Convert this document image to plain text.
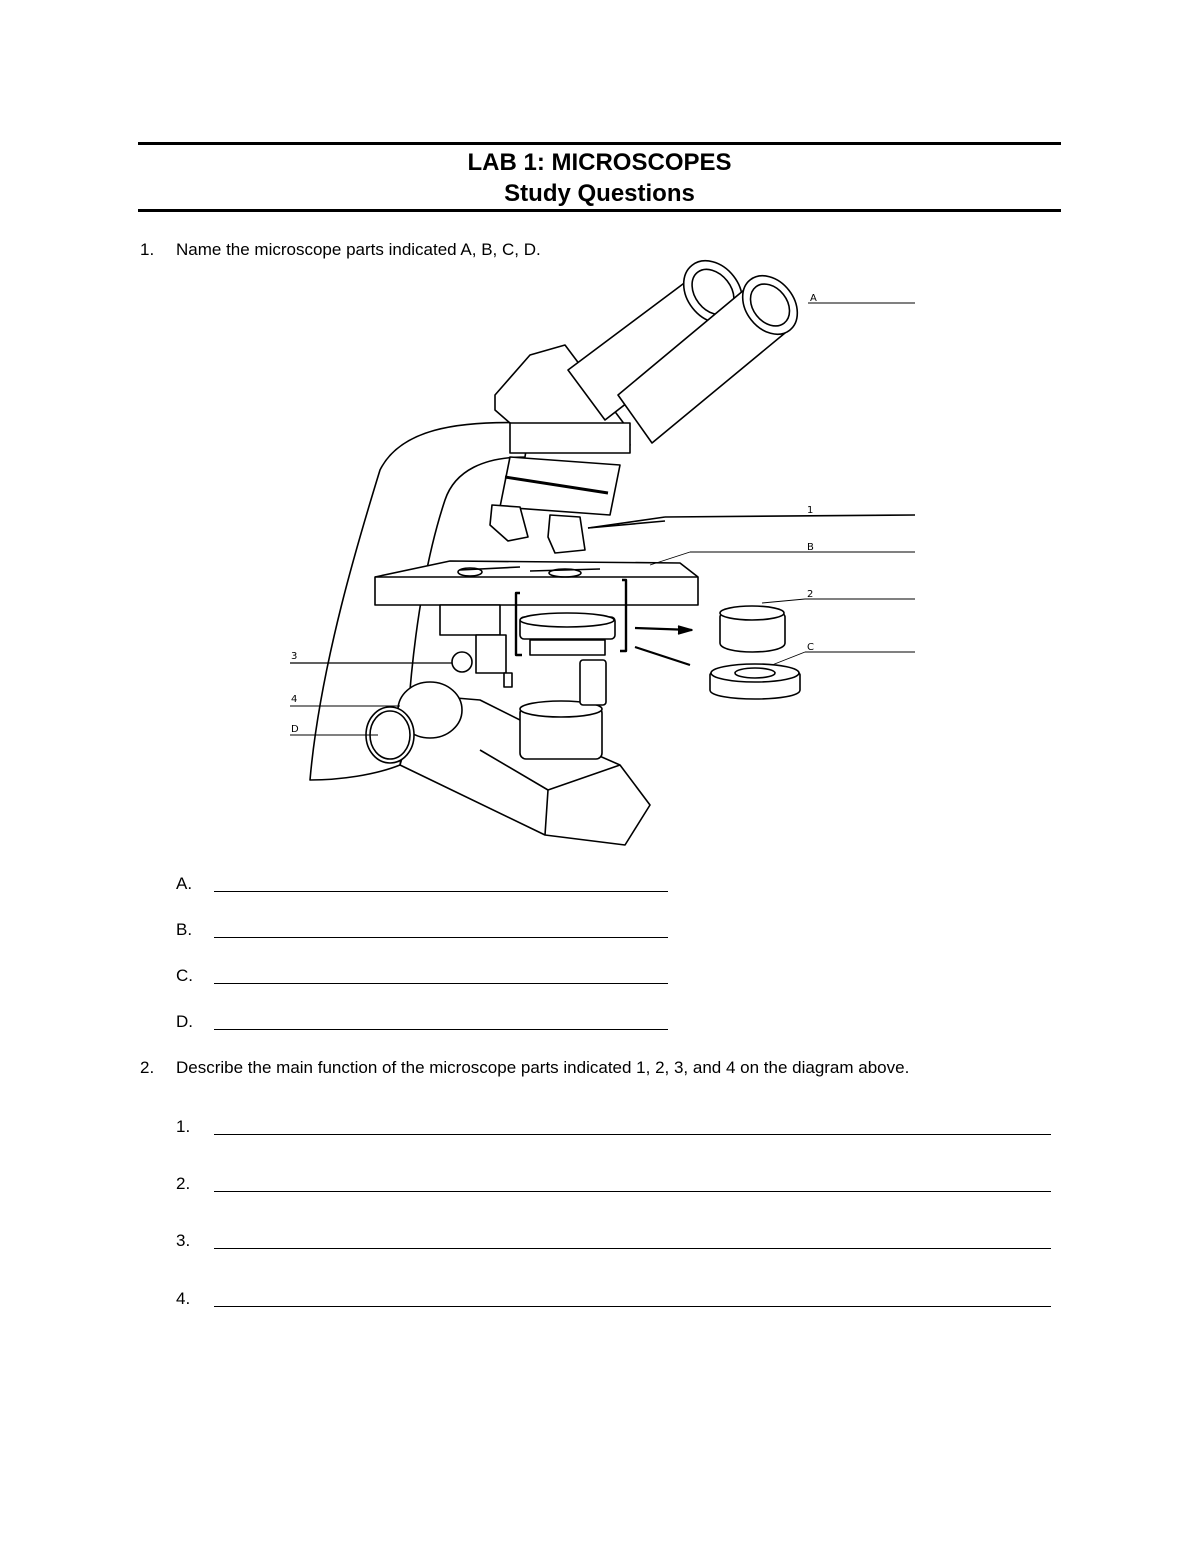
LAB 1: MICROSCOPES
Study Questions
1. Name the microscope parts indicated A, B, C, D.
A
1
B
2
C
3
4
D
A.
B.
C.
D.
2. Describe the main function of the microscope parts indicated 1, 2, 3, and 4 on the diagram above.
1.
2.
3.
4.
